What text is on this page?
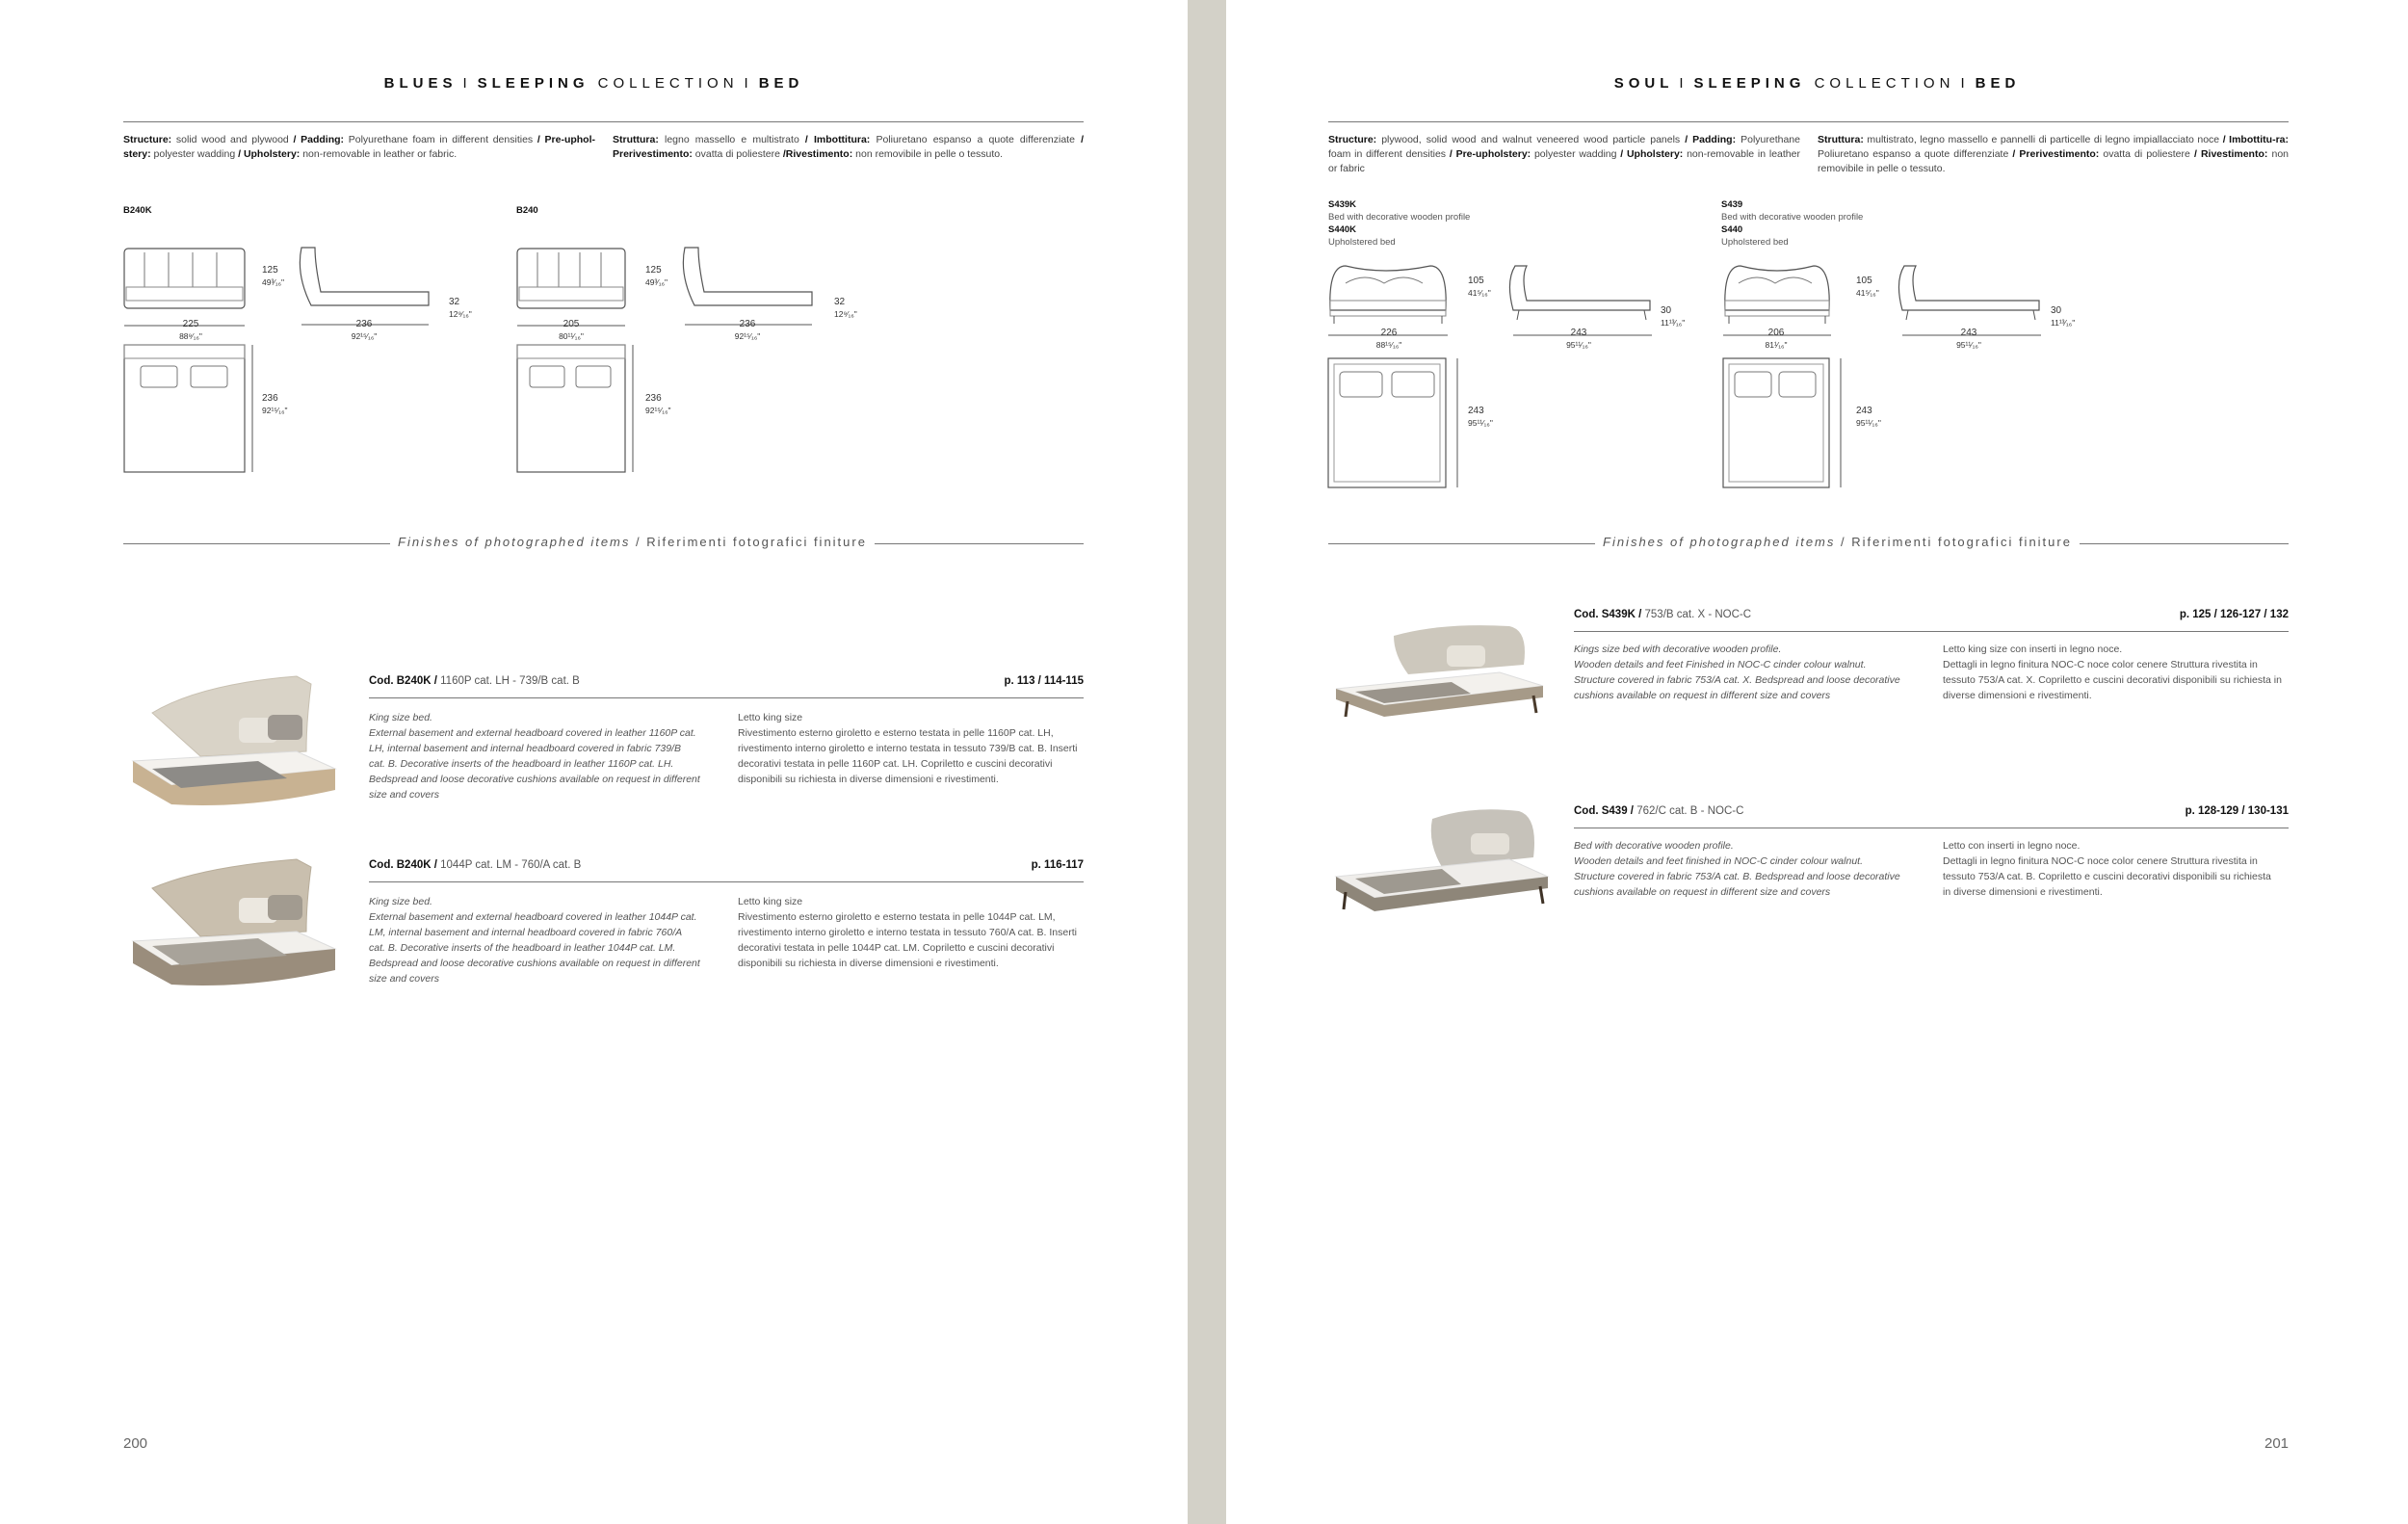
BLUES I SLEEPING COLLECTION I BED
Structure: solid wood and plywood / Padding: Polyurethane foam in different densities / Pre-uphol-stery: polyester wadding / Upholstery: non-removable in leather or fabric.
Struttura: legno massello e multistrato / Imbottitura: Poliuretano espanso a quote differenziate / Prerivestimento: ovatta di poliestere /Rivestimento: non removibile in pelle o tessuto.
B240K
125
49³⁄₁₆"
225
88⁹⁄₁₆"
32
12⁹⁄₁₆"
236
92¹⁵⁄₁₆"
236
92¹⁵⁄₁₆"
B240
125
49³⁄₁₆"
205
80¹¹⁄₁₆"
32
12⁹⁄₁₆"
236
92¹⁵⁄₁₆"
236
92¹⁵⁄₁₆"
Finishes of photographed items / Riferimenti fotografici finiture
Cod. B240K / 1160P cat. LH - 739/B cat. B	p. 113 / 114-115
King size bed.
External basement and external headboard covered in leather 1160P cat.
LH, internal basement and internal headboard covered in fabric 739/B
cat. B. Decorative inserts of the headboard in leather 1160P cat. LH.
Bedspread and loose decorative cushions available on request in different
size and covers
Letto king size
Rivestimento esterno giroletto e esterno testata in pelle 1160P cat. LH,
rivestimento interno giroletto e interno testata in tessuto 739/B cat. B. Inserti
decorativi testata in pelle 1160P cat. LH. Copriletto e cuscini decorativi
disponibili su richiesta in diverse dimensioni e rivestimenti.
Cod. B240K / 1044P cat. LM - 760/A cat. B	p. 116-117
King size bed.
External basement and external headboard covered in leather 1044P cat.
LM, internal basement and internal headboard covered in fabric 760/A
cat. B. Decorative inserts of the headboard in leather 1044P cat. LM.
Bedspread and loose decorative cushions available on request in different
size and covers
Letto king size
Rivestimento esterno giroletto e esterno testata in pelle 1044P cat. LM,
rivestimento interno giroletto e interno testata in tessuto 760/A cat. B. Inserti
decorativi testata in pelle 1044P cat. LM. Copriletto e cuscini decorativi
disponibili su richiesta in diverse dimensioni e rivestimenti.
200
SOUL I SLEEPING COLLECTION I BED
Structure: plywood, solid wood and walnut veneered wood particle panels / Padding: Polyurethane foam in different densities / Pre-upholstery: polyester wadding / Upholstery: non-removable in leather or fabric
Struttura: multistrato, legno massello e pannelli di particelle di legno impiallacciato noce / Imbottitu-ra: Poliuretano espanso a quote differenziate / Prerivestimento: ovatta di poliestere / Rivestimento: non removibile in pelle o tessuto.
S439K
Bed with decorative wooden profile
S440K
Upholstered bed
105
41⁵⁄₁₆"
226
88¹⁵⁄₁₆"
30
11¹³⁄₁₆"
243
95¹¹⁄₁₆"
243
95¹¹⁄₁₆"
S439
Bed with decorative wooden profile
S440
Upholstered bed
105
41⁵⁄₁₆"
206
81¹⁄₁₆"
30
11¹³⁄₁₆"
243
95¹¹⁄₁₆"
243
95¹¹⁄₁₆"
Finishes of photographed items / Riferimenti fotografici finiture
Cod. S439K / 753/B cat. X - NOC-C	p. 125 / 126-127 / 132
Kings size bed with decorative wooden profile.
Wooden details and feet Finished in NOC-C cinder colour walnut.
Structure covered in fabric 753/A cat. X. Bedspread and loose decorative
cushions available on request in different size and covers
Letto king size con inserti in legno noce.
Dettagli in legno finitura NOC-C noce color cenere Struttura rivestita in
tessuto 753/A cat. X. Copriletto e cuscini decorativi disponibili su richiesta in
diverse dimensioni e rivestimenti.
Cod. S439 / 762/C cat. B - NOC-C	p. 128-129 / 130-131
Bed with decorative wooden profile.
Wooden details and feet finished in NOC-C cinder colour walnut.
Structure covered in fabric 753/A cat. B. Bedspread and loose decorative
cushions available on request in different size and covers
Letto con inserti in legno noce.
Dettagli in legno finitura NOC-C noce color cenere Struttura rivestita in
tessuto 753/A cat. B. Copriletto e cuscini decorativi disponibili su richiesta
in diverse dimensioni e rivestimenti.
201
